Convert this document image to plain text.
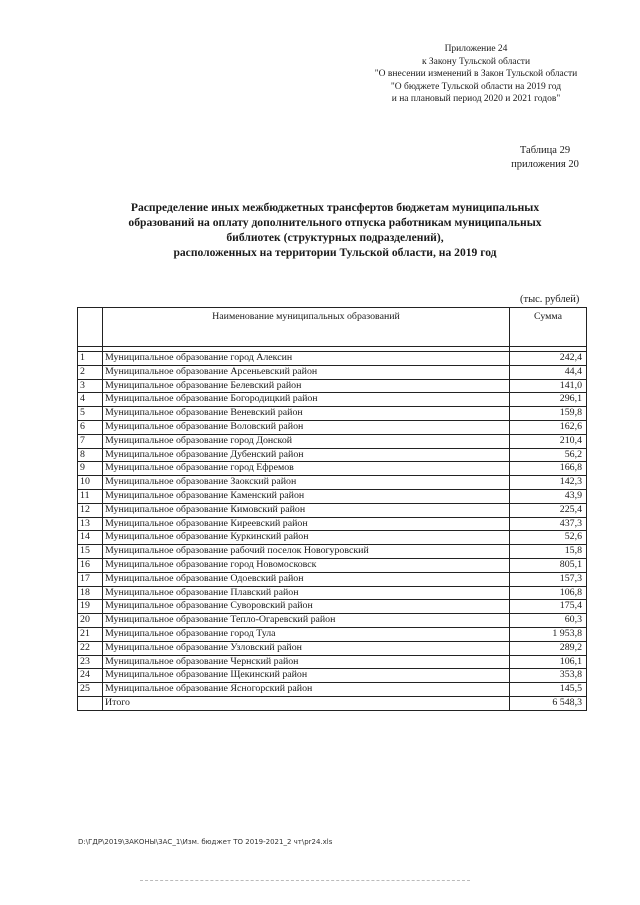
Приложение 24
к Закону Тульской области
"О внесении изменений в Закон Тульской области
"О бюджете Тульской области на 2019 год
и на плановый период 2020 и 2021 годов"
Таблица 29
приложения 20
Распределение иных межбюджетных трансфертов бюджетам муниципальных
образований на оплату дополнительного отпуска работникам муниципальных
библиотек (структурных подразделений),
расположенных на территории Тульской области, на 2019 год
(тыс. рублей)
	Наименование муниципальных образований	Сумма

1	Муниципальное образование город Алексин	242,4
2	Муниципальное образование Арсеньевский район	44,4
3	Муниципальное образование Белевский район	141,0
4	Муниципальное образование Богородицкий район	296,1
5	Муниципальное образование Веневский район	159,8
6	Муниципальное образование Воловский район	162,6
7	Муниципальное образование город Донской	210,4
8	Муниципальное образование Дубенский район	56,2
9	Муниципальное образование город Ефремов	166,8
10	Муниципальное образование Заокский район	142,3
11	Муниципальное образование Каменский район	43,9
12	Муниципальное образование Кимовский район	225,4
13	Муниципальное образование Киреевский район	437,3
14	Муниципальное образование Куркинский район	52,6
15	Муниципальное образование рабочий поселок Новогуровский	15,8
16	Муниципальное образование город Новомосковск	805,1
17	Муниципальное образование Одоевский район	157,3
18	Муниципальное образование Плавский район	106,8
19	Муниципальное образование Суворовский район	175,4
20	Муниципальное образование Тепло-Огаревский район	60,3
21	Муниципальное образование город Тула	1 953,8
22	Муниципальное образование Узловский район	289,2
23	Муниципальное образование Чернский район	106,1
24	Муниципальное образование Щекинский район	353,8
25	Муниципальное образование Ясногорский район	145,5
	Итого	6 548,3
D:\ГДР\2019\ЗАКОНЫ\ЗАС_1\Изм. бюджет ТО 2019-2021_2 чт\pr24.xls
